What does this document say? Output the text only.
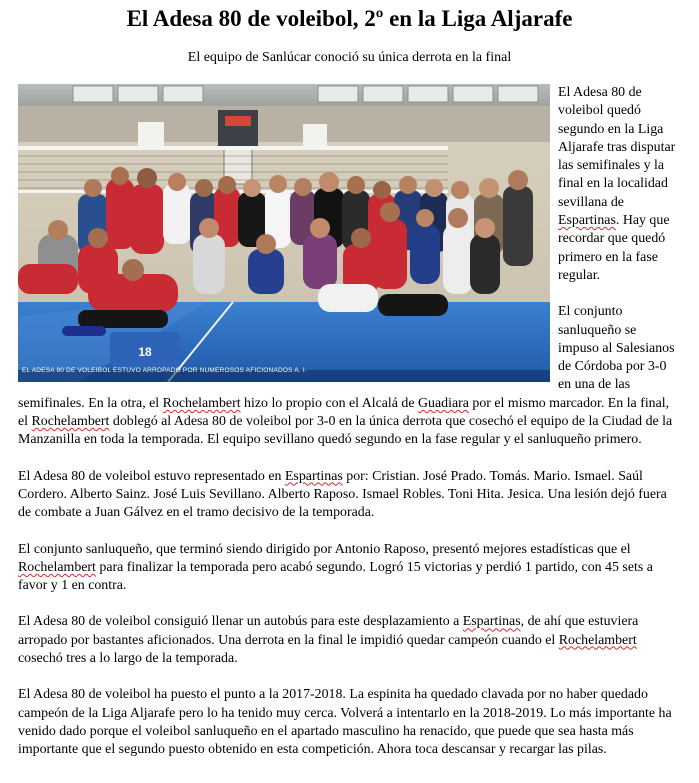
El Adesa 80 de voleibol, 2º en la Liga Aljarafe
El equipo de Sanlúcar conoció su única derrota en la final
18
EL ADESA 80 DE VOLEIBOL ESTUVO ARROPADO POR NUMEROSOS AFICIONADOS A. I.

El Adesa 80 de voleibol quedó segundo en la Liga Aljarafe tras disputar las semifinales y la final en la localidad sevillana de Espartinas. Hay que recordar que quedó primero en la fase regular.

El conjunto sanluqueño se impuso al Salesianos de Córdoba por 3-0 en una de las semifinales. En la otra, el Rochelambert hizo lo propio con el Alcalá de Guadiara por el mismo marcador. En la final, el Rochelambert doblegó al Adesa 80 de voleibol por 3-0 en la única derrota que cosechó el equipo de la Ciudad de la Manzanilla en toda la temporada. El equipo sevillano quedó segundo en la fase regular y el sanluqueño primero.

El Adesa 80 de voleibol estuvo representado en Espartinas por: Cristian. José Prado. Tomás. Mario. Ismael. Saúl Cordero. Alberto Sainz. José Luis Sevillano. Alberto Raposo. Ismael Robles. Toni Hita. Jesica. Una lesión dejó fuera de combate a Juan Gálvez en el tramo decisivo de la temporada.

El conjunto sanluqueño, que terminó siendo dirigido por Antonio Raposo, presentó mejores estadísticas que el Rochelambert para finalizar la temporada pero acabó segundo. Logró 15 victorias y perdió 1 partido, con 45 sets a favor y 1 en contra.

El Adesa 80 de voleibol consiguió llenar un autobús para este desplazamiento a Espartinas, de ahí que estuviera arropado por bastantes aficionados. Una derrota en la final le impidió quedar campeón cuando el Rochelambert cosechó tres a lo largo de la temporada.

El Adesa 80 de voleibol ha puesto el punto a la 2017-2018. La espinita ha quedado clavada por no haber quedado campeón de la Liga Aljarafe pero lo ha tenido muy cerca. Volverá a intentarlo en la 2018-2019. Lo más importante ha venido dado porque el voleibol sanluqueño en el apartado masculino ha renacido, que puede que sea hasta más importante que el segundo puesto obtenido en esta competición. Ahora toca descansar y recargar las pilas.
